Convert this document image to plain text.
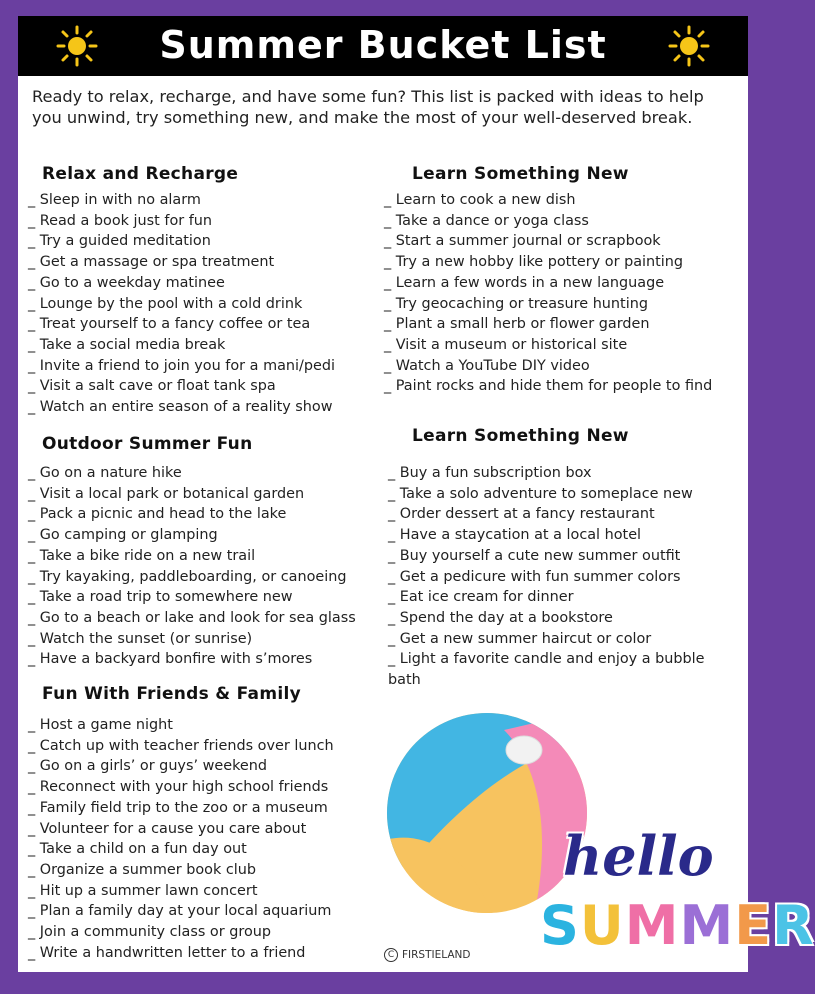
Summer Bucket List
Ready to relax, recharge, and have some fun? This list is packed with ideas to help you unwind, try something new, and make the most of your well-deserved break.
Relax and Recharge
_ Sleep in with no alarm
_ Read a book just for fun
_ Try a guided meditation
_ Get a massage or spa treatment
_ Go to a weekday matinee
_ Lounge by the pool with a cold drink
_ Treat yourself to a fancy coffee or tea
_ Take a social media break
_ Invite a friend to join you for a mani/pedi
_ Visit a salt cave or float tank spa
_ Watch an entire season of a reality show
Outdoor Summer Fun
_ Go on a nature hike
_ Visit a local park or botanical garden
_ Pack a picnic and head to the lake
_ Go camping or glamping
_ Take a bike ride on a new trail
_ Try kayaking, paddleboarding, or canoeing
_ Take a road trip to somewhere new
_ Go to a beach or lake and look for sea glass
_ Watch the sunset (or sunrise)
_ Have a backyard bonfire with s’mores
Fun With Friends & Family
_ Host a game night
_ Catch up with teacher friends over lunch
_ Go on a girls’ or guys’ weekend
_ Reconnect with your high school friends
_ Family field trip to the zoo or a museum
_ Volunteer for a cause you care about
_ Take a child on a fun day out
_ Organize a summer book club
_ Hit up a summer lawn concert
_ Plan a family day at your local aquarium
_ Join a community class or group
_ Write a handwritten letter to a friend
Learn Something New
_ Learn to cook a new dish
_ Take a dance or yoga class
_ Start a summer journal or scrapbook
_ Try a new hobby like pottery or painting
_ Learn a few words in a new language
_ Try geocaching or treasure hunting
_ Plant a small herb or flower garden
_ Visit a museum or historical site
_ Watch a YouTube DIY video
_ Paint rocks and hide them for people to find
Learn Something New
_ Buy a fun subscription box
_ Take a solo adventure to someplace new
_ Order dessert at a fancy restaurant
_ Have a staycation at a local hotel
_ Buy yourself a cute new summer outfit
_ Get a pedicure with fun summer colors
_ Eat ice cream for dinner
_ Spend the day at a bookstore
_ Get a new summer haircut or color
_ Light a favorite candle and enjoy a bubble bath
hello
SUMMER
C FIRSTIELAND
